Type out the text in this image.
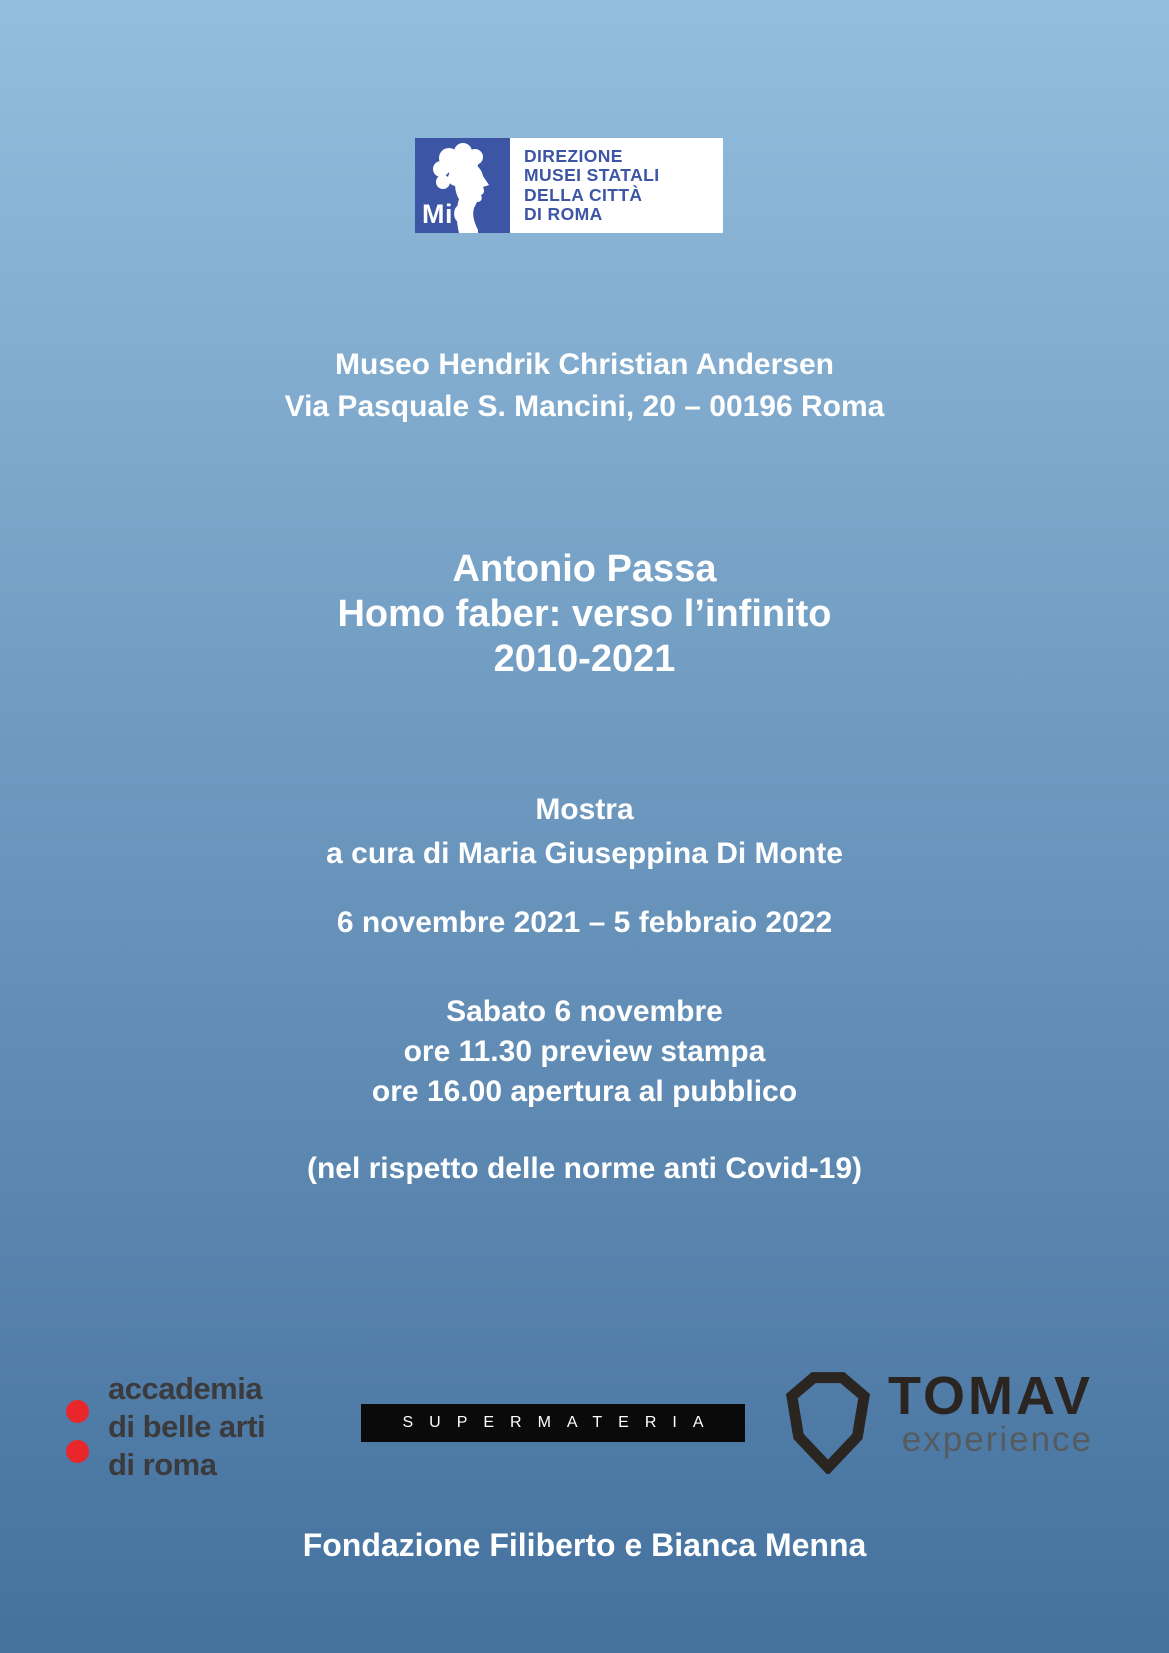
MiC
DIREZIONE
MUSEI STATALI
DELLA CITTÀ
DI ROMA
Museo Hendrik Christian Andersen
Via Pasquale S. Mancini, 20 – 00196 Roma
Antonio Passa
Homo faber: verso l’infinito
2010-2021
Mostra
a cura di Maria Giuseppina Di Monte
6 novembre 2021 – 5 febbraio 2022
Sabato 6 novembre
ore 11.30 preview stampa
ore 16.00 apertura al pubblico
(nel rispetto delle norme anti Covid-19)
accademia
di belle arti
di roma
SUPERMATERIA	TOMAV
experience
Fondazione Filiberto e Bianca Menna
